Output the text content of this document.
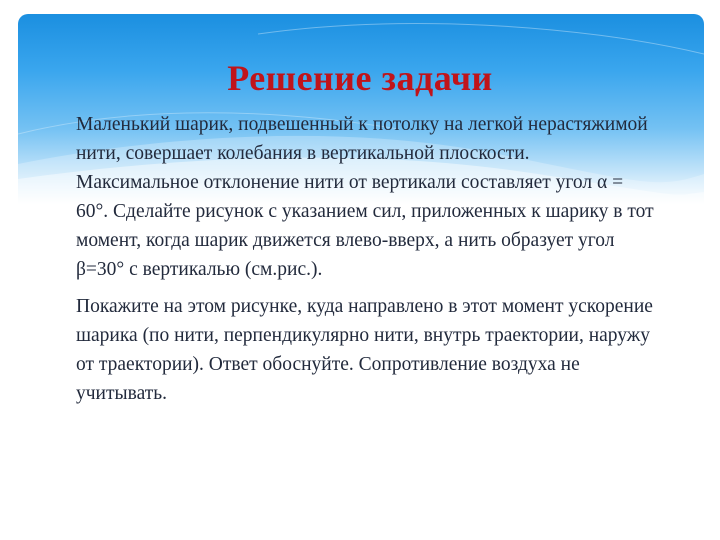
Решение задачи

Маленький шарик, подвешенный к потолку на легкой нерастяжимой нити, совершает колебания в вертикальной плоскости. Максимальное отклонение нити от вертикали составляет угол α = 60°. Сделайте рисунок с указанием сил, приложенных к шарику в тот момент, когда шарик движется влево-вверх, а нить образует угол β=30° с вертикалью (см.рис.).

Покажите на этом рисунке, куда направлено в этот момент ускорение шарика (по нити, перпендикулярно нити, внутрь траектории, наружу от траектории). Ответ обоснуйте. Сопротивление воздуха не учитывать.
